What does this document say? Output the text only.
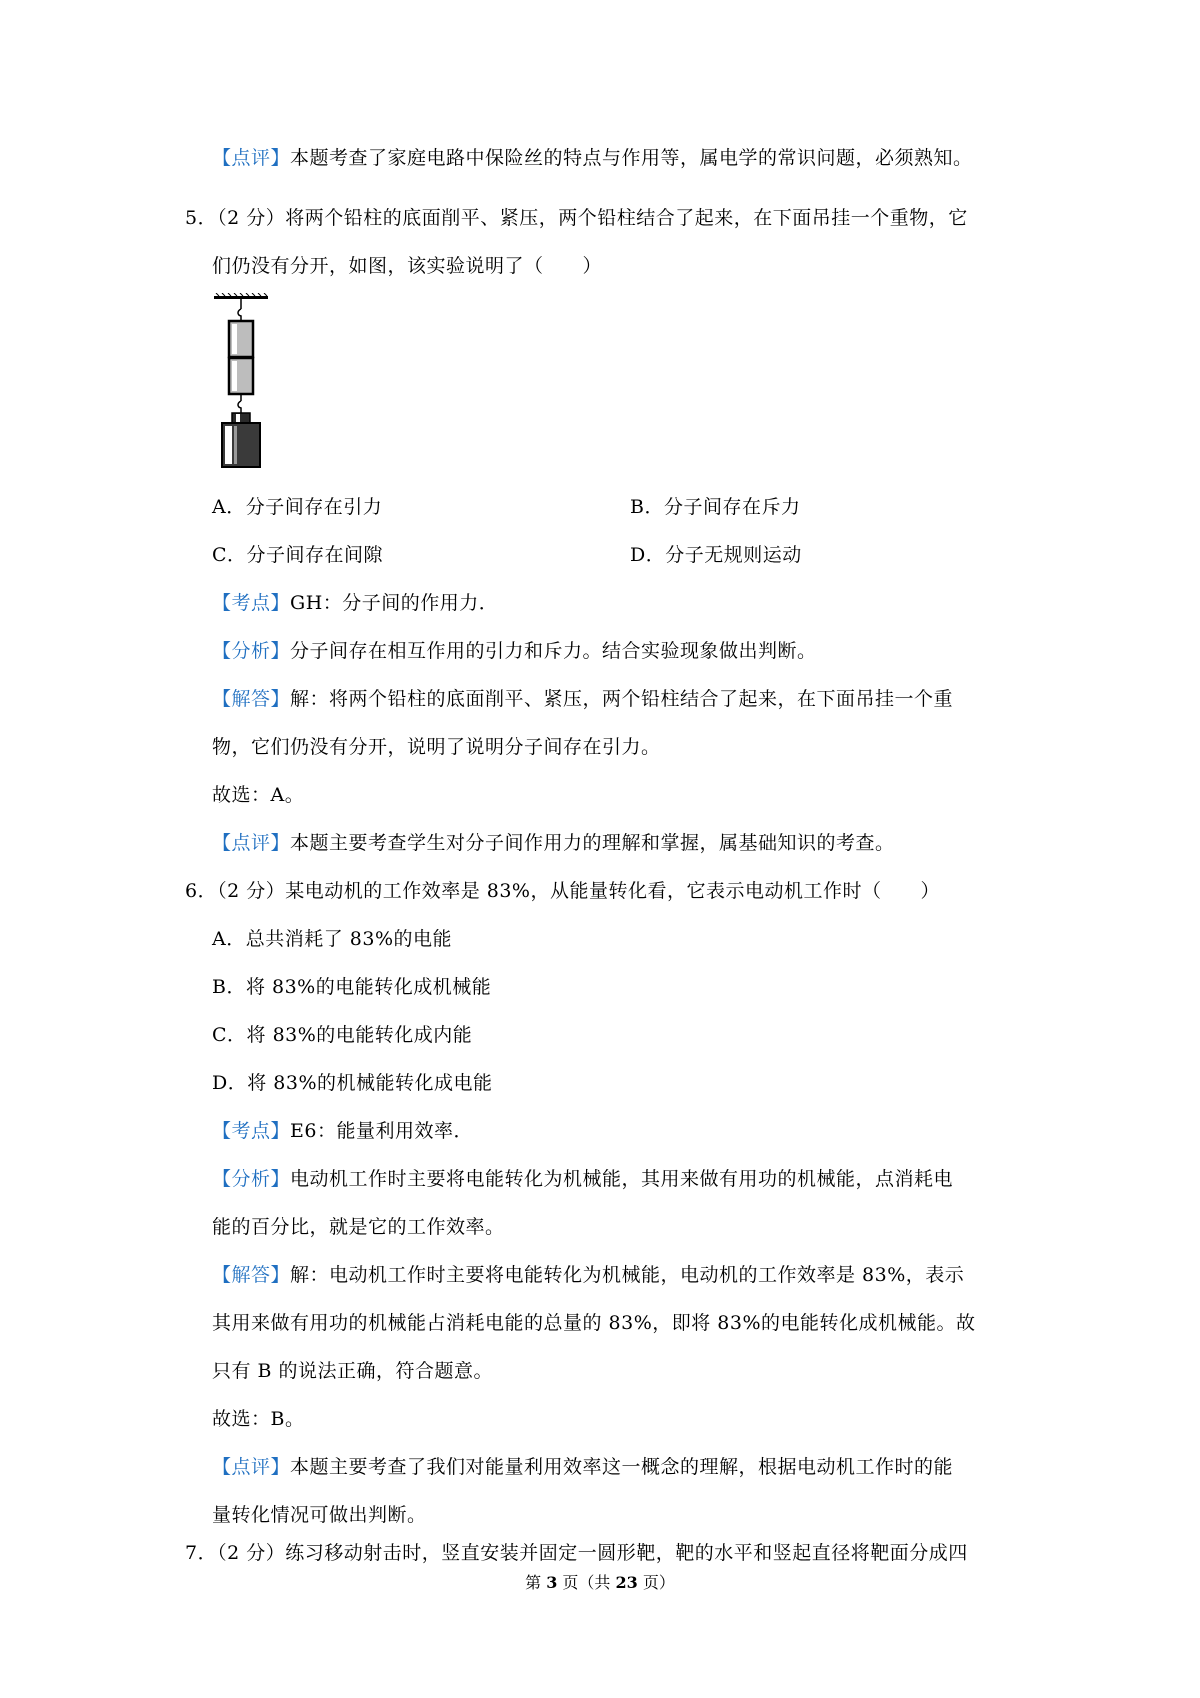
【点评】本题考查了家庭电路中保险丝的特点与作用等，属电学的常识问题，必须熟知。
5．（2 分）将两个铅柱的底面削平、紧压，两个铅柱结合了起来，在下面吊挂一个重物，它
们仍没有分开，如图，该实验说明了（　　）
A．分子间存在引力	B．分子间存在斥力
C．分子间存在间隙	D．分子无规则运动
【考点】GH：分子间的作用力．
【分析】分子间存在相互作用的引力和斥力。结合实验现象做出判断。
【解答】解：将两个铅柱的底面削平、紧压，两个铅柱结合了起来，在下面吊挂一个重
物，它们仍没有分开，说明了说明分子间存在引力。
故选：A。
【点评】本题主要考查学生对分子间作用力的理解和掌握，属基础知识的考查。
6．（2 分）某电动机的工作效率是 83%，从能量转化看，它表示电动机工作时（　　）
A．总共消耗了 83%的电能
B．将 83%的电能转化成机械能
C．将 83%的电能转化成内能
D．将 83%的机械能转化成电能
【考点】E6：能量利用效率．
【分析】电动机工作时主要将电能转化为机械能，其用来做有用功的机械能，点消耗电
能的百分比，就是它的工作效率。
【解答】解：电动机工作时主要将电能转化为机械能，电动机的工作效率是 83%，表示
其用来做有用功的机械能占消耗电能的总量的 83%，即将 83%的电能转化成机械能。故
只有 B 的说法正确，符合题意。
故选：B。
【点评】本题主要考查了我们对能量利用效率这一概念的理解，根据电动机工作时的能
量转化情况可做出判断。
7．（2 分）练习移动射击时，竖直安装并固定一圆形靶，靶的水平和竖起直径将靶面分成四
第 3 页（共 23 页）
